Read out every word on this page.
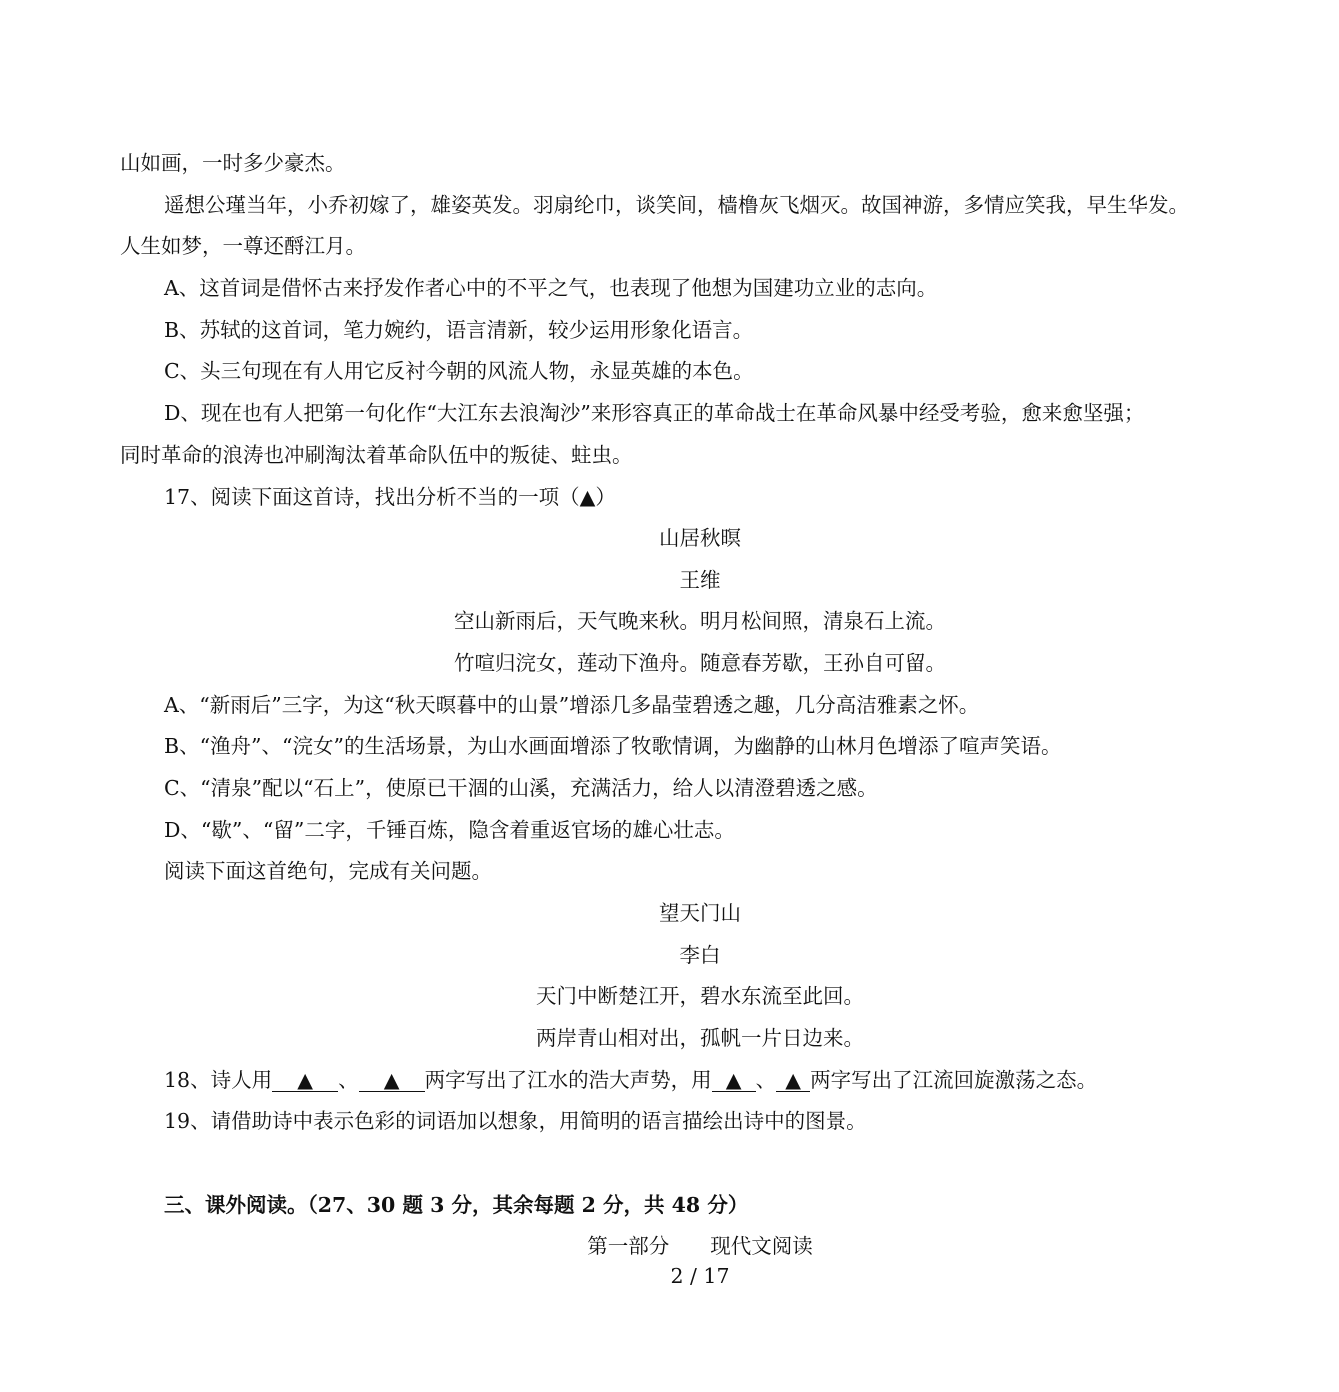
山如画，一时多少豪杰。
遥想公瑾当年，小乔初嫁了，雄姿英发。羽扇纶巾，谈笑间，樯橹灰飞烟灭。故国神游，多情应笑我，早生华发。
人生如梦，一尊还酹江月。
A、这首词是借怀古来抒发作者心中的不平之气，也表现了他想为国建功立业的志向。
B、苏轼的这首词，笔力婉约，语言清新，较少运用形象化语言。
C、头三句现在有人用它反衬今朝的风流人物，永显英雄的本色。
D、现在也有人把第一句化作“大江东去浪淘沙”来形容真正的革命战士在革命风暴中经受考验，愈来愈坚强；
同时革命的浪涛也冲刷淘汰着革命队伍中的叛徒、蛀虫。
17、阅读下面这首诗，找出分析不当的一项（▲）
山居秋暝
王维
空山新雨后，天气晚来秋。明月松间照，清泉石上流。
竹喧归浣女，莲动下渔舟。随意春芳歇，王孙自可留。
A、“新雨后”三字，为这“秋天暝暮中的山景”增添几多晶莹碧透之趣，几分高洁雅素之怀。
B、“渔舟”、“浣女”的生活场景，为山水画面增添了牧歌情调，为幽静的山林月色增添了喧声笑语。
C、“清泉”配以“石上”，使原已干涸的山溪，充满活力，给人以清澄碧透之感。
D、“歇”、“留”二字，千锤百炼，隐含着重返官场的雄心壮志。
阅读下面这首绝句，完成有关问题。
望天门山
李白
天门中断楚江开，碧水东流至此回。
两岸青山相对出，孤帆一片日边来。
18、诗人用 ▲ 、 ▲ 两字写出了江水的浩大声势，用 ▲ 、 ▲ 两字写出了江流回旋激荡之态。
19、请借助诗中表示色彩的词语加以想象，用简明的语言描绘出诗中的图景。
三、课外阅读。（27、30 题 3 分，其余每题 2 分，共 48 分）
第一部分　　现代文阅读
2 / 17
